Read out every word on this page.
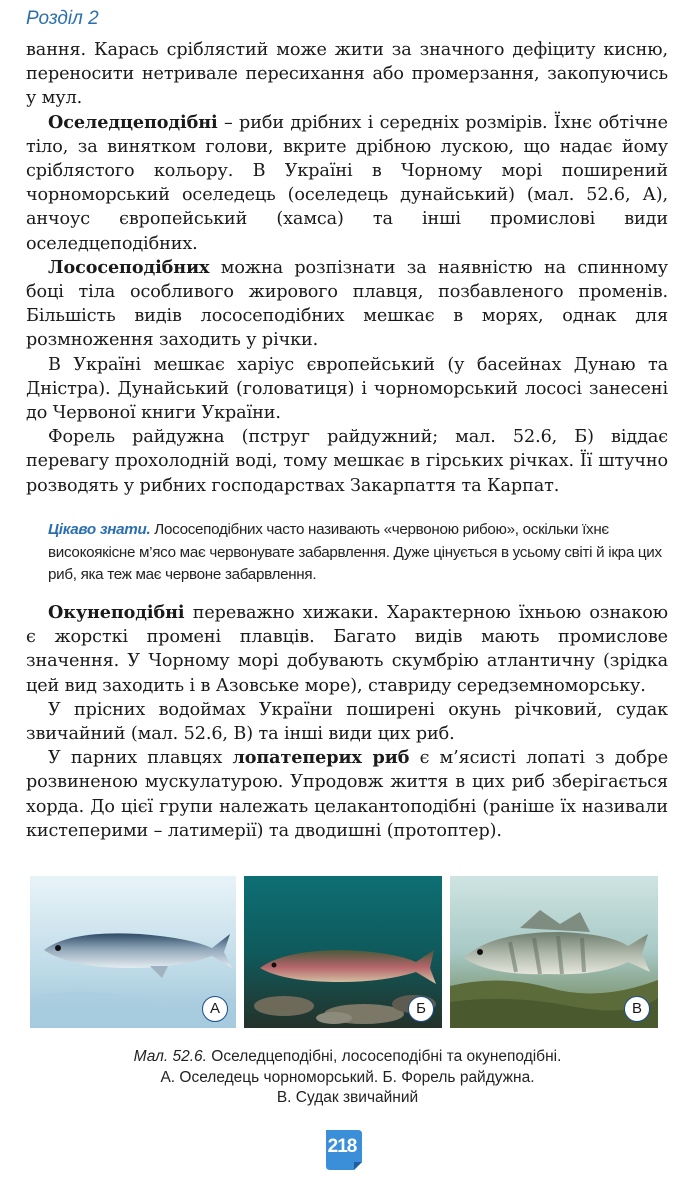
Розділ 2

вання. Карась сріблястий може жити за значного дефіциту кисню, переносити нетривале пересихання або промерзання, закопуючись у мул.

Оселедцеподібні – риби дрібних і середніх розмірів. Їхнє обтічне тіло, за винятком голови, вкрите дрібною лускою, що надає йому сріблястого кольору. В Україні в Чорному морі поширений чорноморський оселедець (оселедець дунайський) (мал. 52.6, А), анчоус європейський (хамса) та інші промислові види оселедцеподібних.

Лососеподібних можна розпізнати за наявністю на спинному боці тіла особливого жирового плавця, позбавленого променів. Більшість видів лососеподібних мешкає в морях, однак для розмноження заходить у річки.

В Україні мешкає харіус європейський (у басейнах Дунаю та Дністра). Дунайський (головатиця) і чорноморський лососі занесені до Червоної книги України.

Форель райдужна (пструг райдужний; мал. 52.6, Б) віддає перевагу прохолодній воді, тому мешкає в гірських річках. Її штучно розводять у рибних господарствах Закарпаття та Карпат.

Цікаво знати. Лососеподібних часто називають «червоною рибою», оскільки їхнє високоякісне м’ясо має червонувате забарвлення. Дуже цінується в усьому світі й ікра цих риб, яка теж має червоне забарвлення.

Окунеподібні переважно хижаки. Характерною їхньою ознакою є жорсткі промені плавців. Багато видів мають промислове значення. У Чорному морі добувають скумбрію атлантичну (зрідка цей вид заходить і в Азовське море), ставриду середземноморську.

У прісних водоймах України поширені окунь річковий, судак звичайний (мал. 52.6, В) та інші види цих риб.

У парних плавцях лопатеперих риб є м’ясисті лопаті з добре розвиненою мускулатурою. Упродовж життя в цих риб зберігається хорда. До цієї групи належать целакантоподібні (раніше їх називали кистеперими – латимерії) та дводишні (протоптер).

А	Б	В
Мал. 52.6. Оселедцеподібні, лососеподібні та окунеподібні.
А. Оселедець чорноморський. Б. Форель райдужна.
В. Судак звичайний
218
